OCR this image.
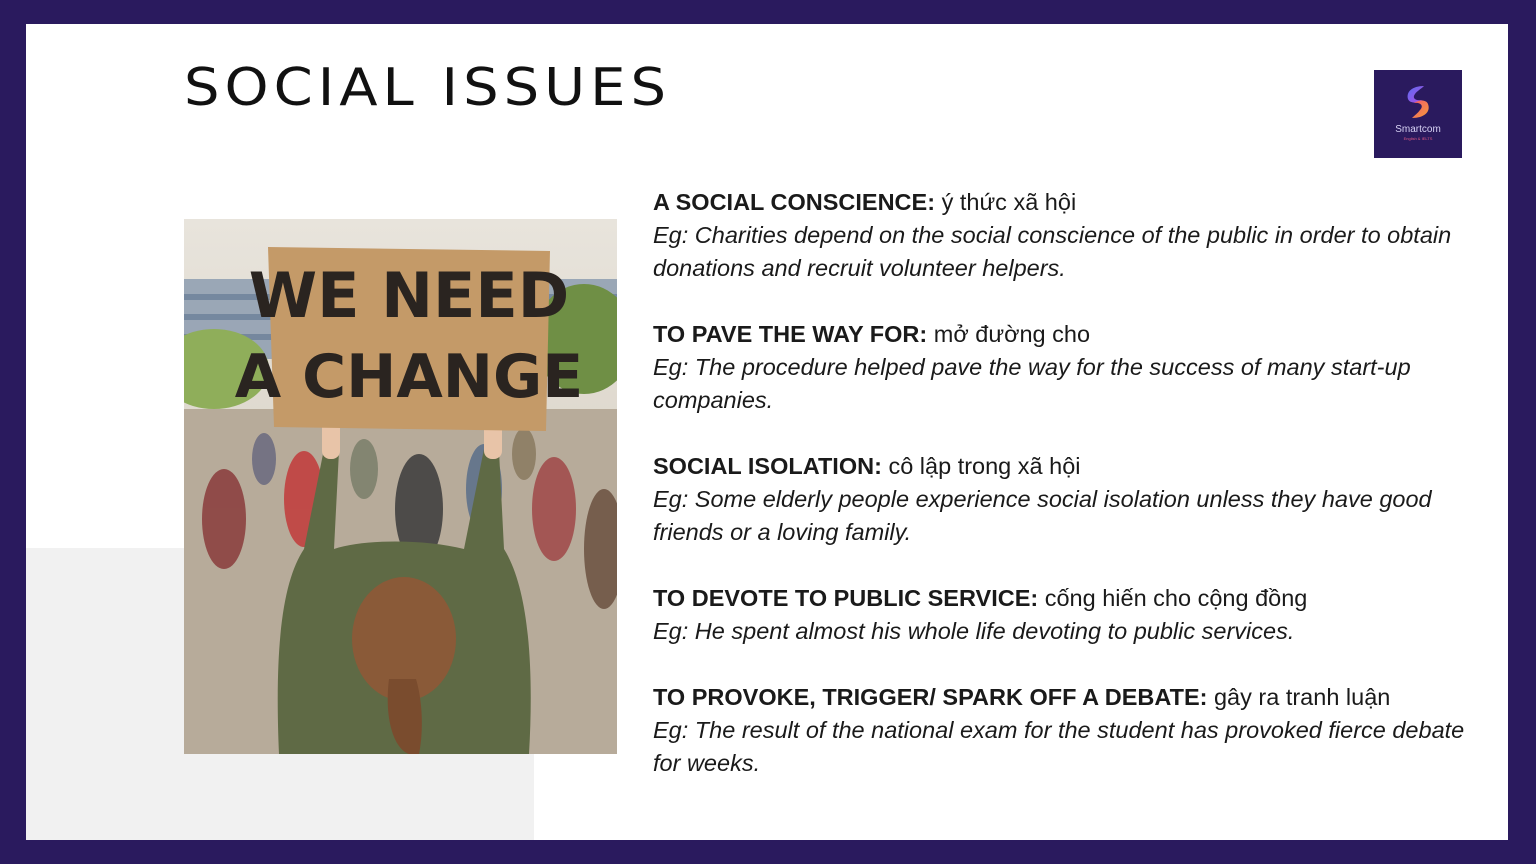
SOCIAL ISSUES
Smartcom
English & IELTS
WE NEED
A CHANGE
A SOCIAL CONSCIENCE: ý thức xã hội
Eg: Charities depend on the social conscience of the public in order to obtain donations and recruit volunteer helpers.
TO PAVE THE WAY FOR: mở đường cho
Eg: The procedure helped pave the way for the success of many start-up companies.
SOCIAL ISOLATION: cô lập trong xã hội
Eg: Some elderly people experience social isolation unless they have good friends or a loving family.
TO DEVOTE TO PUBLIC SERVICE: cống hiến cho cộng đồng
Eg: He spent almost his whole life devoting to public services.
TO PROVOKE, TRIGGER/ SPARK OFF A DEBATE: gây ra tranh luận
Eg: The result of the national exam for the student has provoked fierce debate for weeks.
